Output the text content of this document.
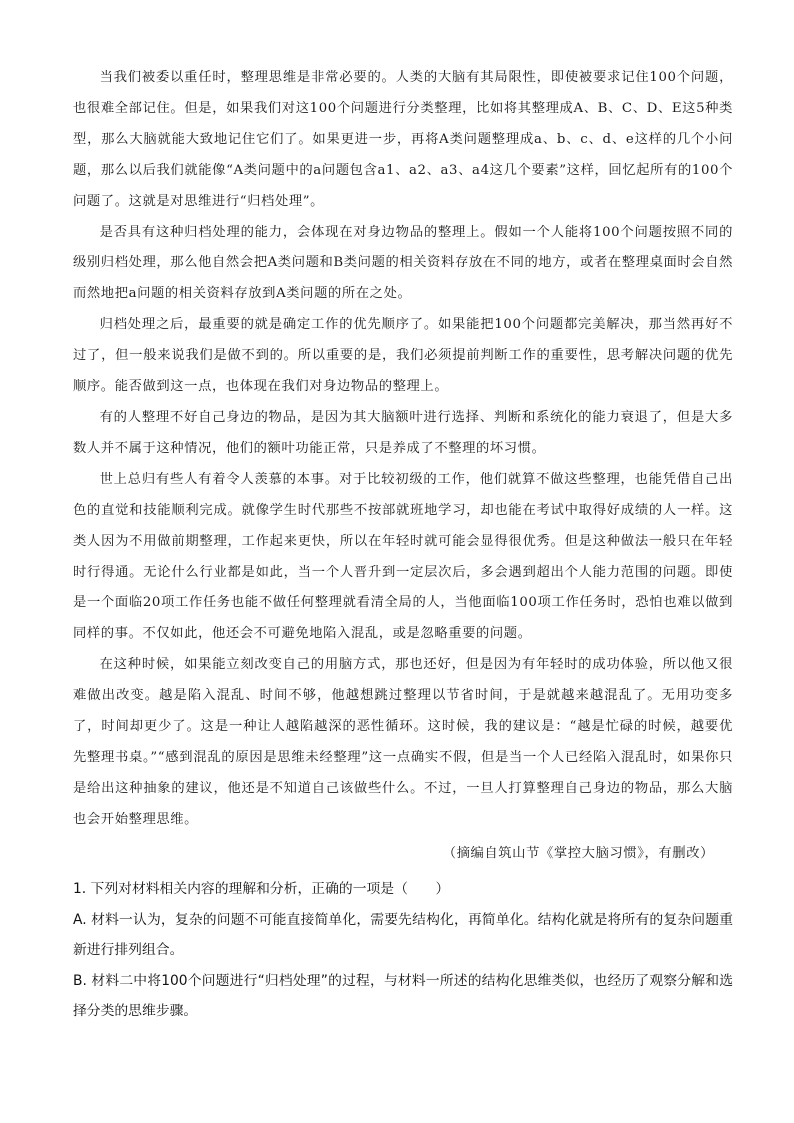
当我们被委以重任时，整理思维是非常必要的。人类的大脑有其局限性，即使被要求记住100个问题，也很难全部记住。但是，如果我们对这100个问题进行分类整理，比如将其整理成A、B、C、D、E这5种类型，那么大脑就能大致地记住它们了。如果更进一步，再将A类问题整理成a、b、c、d、e这样的几个小问题，那么以后我们就能像“A类问题中的a问题包含a1、a2、a3、a4这几个要素”这样，回忆起所有的100个问题了。这就是对思维进行“归档处理”。

是否具有这种归档处理的能力，会体现在对身边物品的整理上。假如一个人能将100个问题按照不同的级别归档处理，那么他自然会把A类问题和B类问题的相关资料存放在不同的地方，或者在整理桌面时会自然而然地把a问题的相关资料存放到A类问题的所在之处。

归档处理之后，最重要的就是确定工作的优先顺序了。如果能把100个问题都完美解决，那当然再好不过了，但一般来说我们是做不到的。所以重要的是，我们必须提前判断工作的重要性，思考解决问题的优先顺序。能否做到这一点，也体现在我们对身边物品的整理上。

有的人整理不好自己身边的物品，是因为其大脑额叶进行选择、判断和系统化的能力衰退了，但是大多数人并不属于这种情况，他们的额叶功能正常，只是养成了不整理的坏习惯。

世上总归有些人有着令人羡慕的本事。对于比较初级的工作，他们就算不做这些整理，也能凭借自己出色的直觉和技能顺利完成。就像学生时代那些不按部就班地学习，却也能在考试中取得好成绩的人一样。这类人因为不用做前期整理，工作起来更快，所以在年轻时就可能会显得很优秀。但是这种做法一般只在年轻时行得通。无论什么行业都是如此，当一个人晋升到一定层次后，多会遇到超出个人能力范围的问题。即使是一个面临20项工作任务也能不做任何整理就看清全局的人，当他面临100项工作任务时，恐怕也难以做到同样的事。不仅如此，他还会不可避免地陷入混乱，或是忽略重要的问题。

在这种时候，如果能立刻改变自己的用脑方式，那也还好，但是因为有年轻时的成功体验，所以他又很难做出改变。越是陷入混乱、时间不够，他越想跳过整理以节省时间，于是就越来越混乱了。无用功变多了，时间却更少了。这是一种让人越陷越深的恶性循环。这时候，我的建议是：“越是忙碌的时候，越要优先整理书桌。”“感到混乱的原因是思维未经整理”这一点确实不假，但是当一个人已经陷入混乱时，如果你只是给出这种抽象的建议，他还是不知道自己该做些什么。不过，一旦人打算整理自己身边的物品，那么大脑也会开始整理思维。

（摘编自筑山节《掌控大脑习惯》，有删改）

1. 下列对材料相关内容的理解和分析，正确的一项是（　　）

A. 材料一认为，复杂的问题不可能直接简单化，需要先结构化，再简单化。结构化就是将所有的复杂问题重新进行排列组合。

B. 材料二中将100个问题进行“归档处理”的过程，与材料一所述的结构化思维类似，也经历了观察分解和选择分类的思维步骤。
